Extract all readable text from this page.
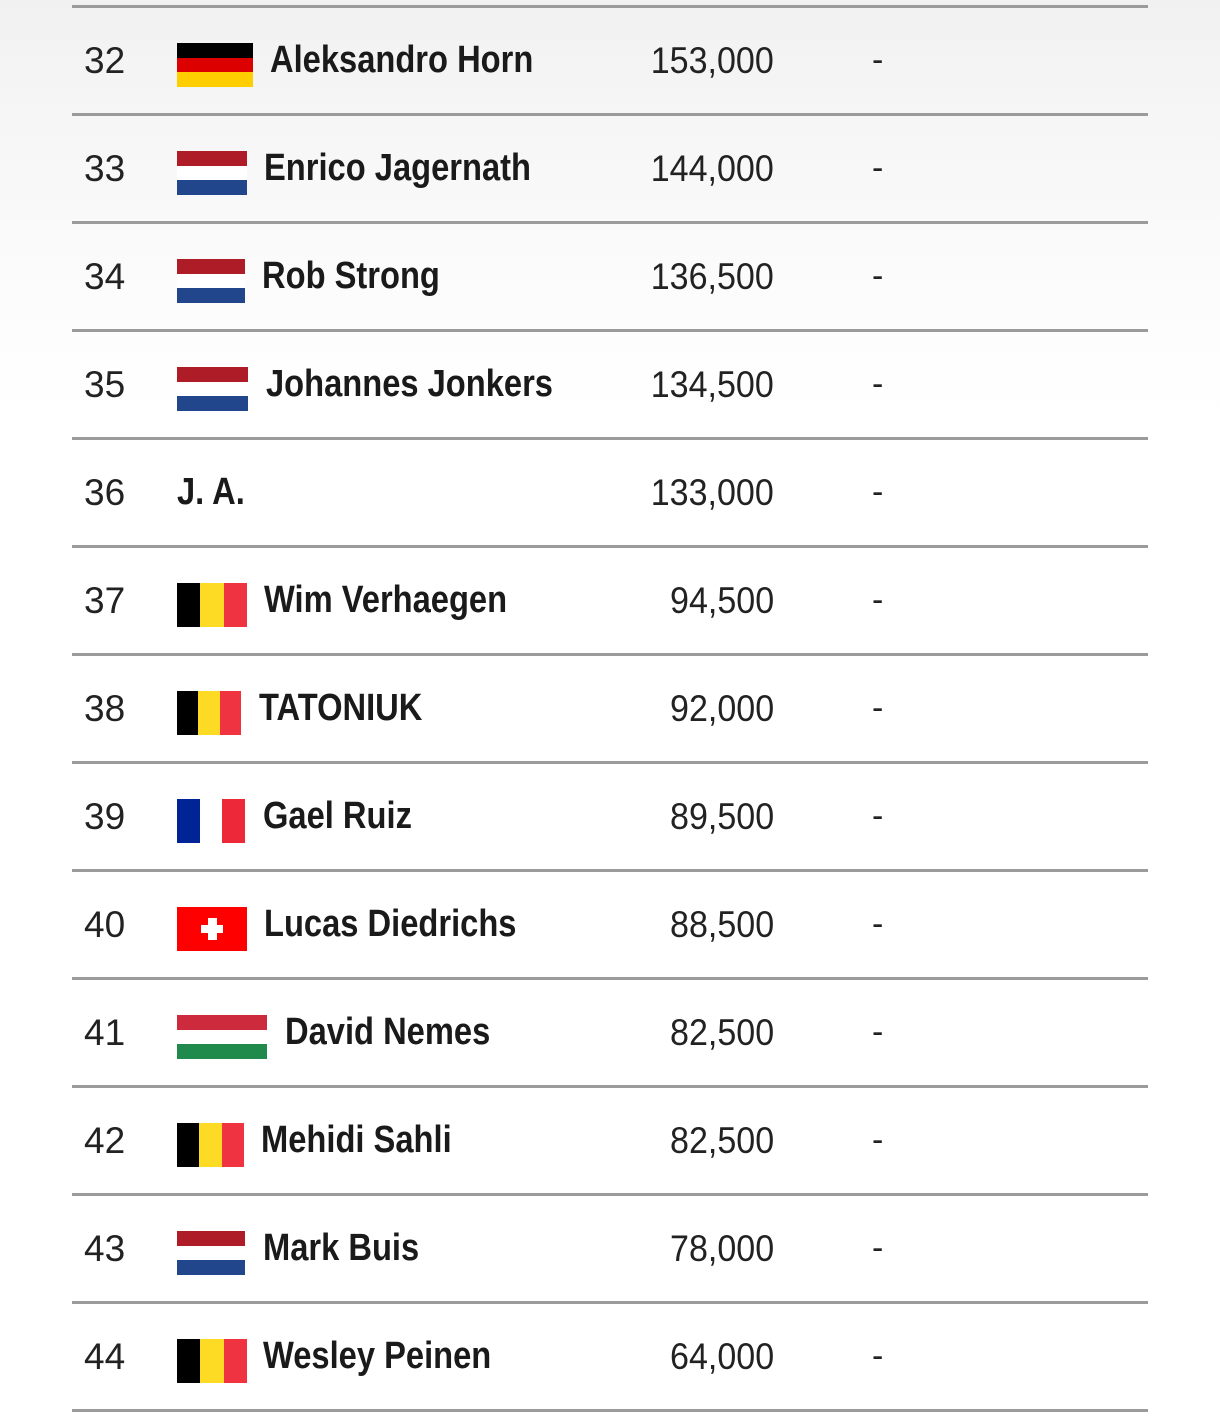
32	Aleksandro Horn	153,000	-
33	Enrico Jagernath	144,000	-
34	Rob Strong	136,500	-
35	Johannes Jonkers	134,500	-
36 J. A.	133,000	-
37	Wim Verhaegen	94,500	-
38	TATONIUK	92,000	-
39	Gael Ruiz	89,500	-
40	Lucas Diedrichs	88,500	-
41	David Nemes	82,500	-
42	Mehidi Sahli	82,500	-
43	Mark Buis	78,000	-
44	Wesley Peinen	64,000	-
